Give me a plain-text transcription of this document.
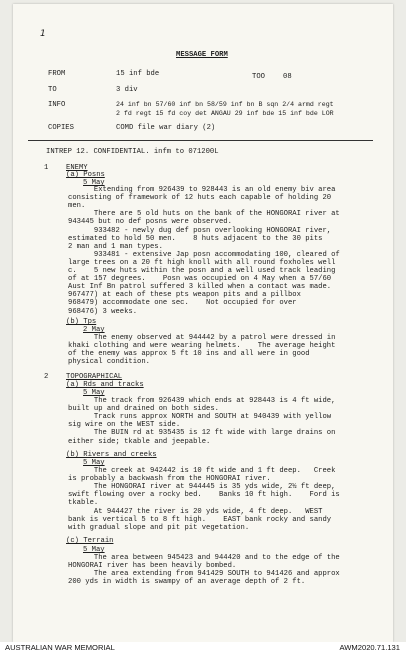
1
MESSAGE FORM
FROM	15 inf bde	TOO	08
TO	3 div
INFO	24 inf bn 57/60 inf bn 58/59 inf bn B sqn 2/4 armd regt
2 fd regt 15 fd coy det ANGAU 29 inf bde 15 inf bde LOR
COPIES	COMD file war diary (2)
INTREP 12. CONFIDENTIAL. infm to 071200L
1 ENEMY
(a) Posns
5 May
Extending from 926439 to 928443 is an old enemy biv area
consisting of framework of 12 huts each capable of holding 20
men.
There are 5 old huts on the bank of the HONGORAI river at
943445 but no def posns were observed.
933482 - newly dug def posn overlooking HONGORAI river,
estimated to hold 50 men.    8 huts adjacent to the 30 pits
2 man and 1 man types.
933481 - extensive Jap posn accommodating 100, cleared of
large trees on a 20 ft high knoll with all round foxholes well
c.    5 new huts within the posn and a well used track leading
of at 157 degrees.    Posn was occupied on 4 May when a 57/60
Aust Inf Bn patrol suffered 3 killed when a contact was made.
967477) at each of these pts weapon pits and a pillbox
968479) accommodate one sec.    Not occupied for over
968476) 3 weeks.
(b) Tps
2 May
The enemy observed at 944442 by a patrol were dressed in
khaki clothing and were wearing helmets.    The average height
of the enemy was approx 5 ft 10 ins and all were in good
physical condition.
2 TOPOGRAPHICAL
(a) Rds and tracks
5 May
The track from 926439 which ends at 928443 is 4 ft wide,
built up and drained on both sides.
Track runs approx NORTH and SOUTH at 940439 with yellow
sig wire on the WEST side.
The BUIN rd at 935435 is 12 ft wide with large drains on
either side; tkable and jeepable.
(b) Rivers and creeks
5 May
The creek at 942442 is 10 ft wide and 1 ft deep.   Creek
is probably a backwash from the HONGORAI river.
The HONGORAI river at 944445 is 35 yds wide, 2½ ft deep,
swift flowing over a rocky bed.    Banks 10 ft high.    Ford is
tkable.
At 944427 the river is 20 yds wide, 4 ft deep.   WEST
bank is vertical 5 to 8 ft high.    EAST bank rocky and sandy
with gradual slope and pit pit vegetation.
(c) Terrain
5 May
The area between 945423 and 944420 and to the edge of the
HONGORAI river has been heavily bombed.
The area extending from 941429 SOUTH to 941426 and approx
200 yds in width is swampy of an average depth of 2 ft.
AUSTRALIAN WAR MEMORIAL	AWM2020.71.131
